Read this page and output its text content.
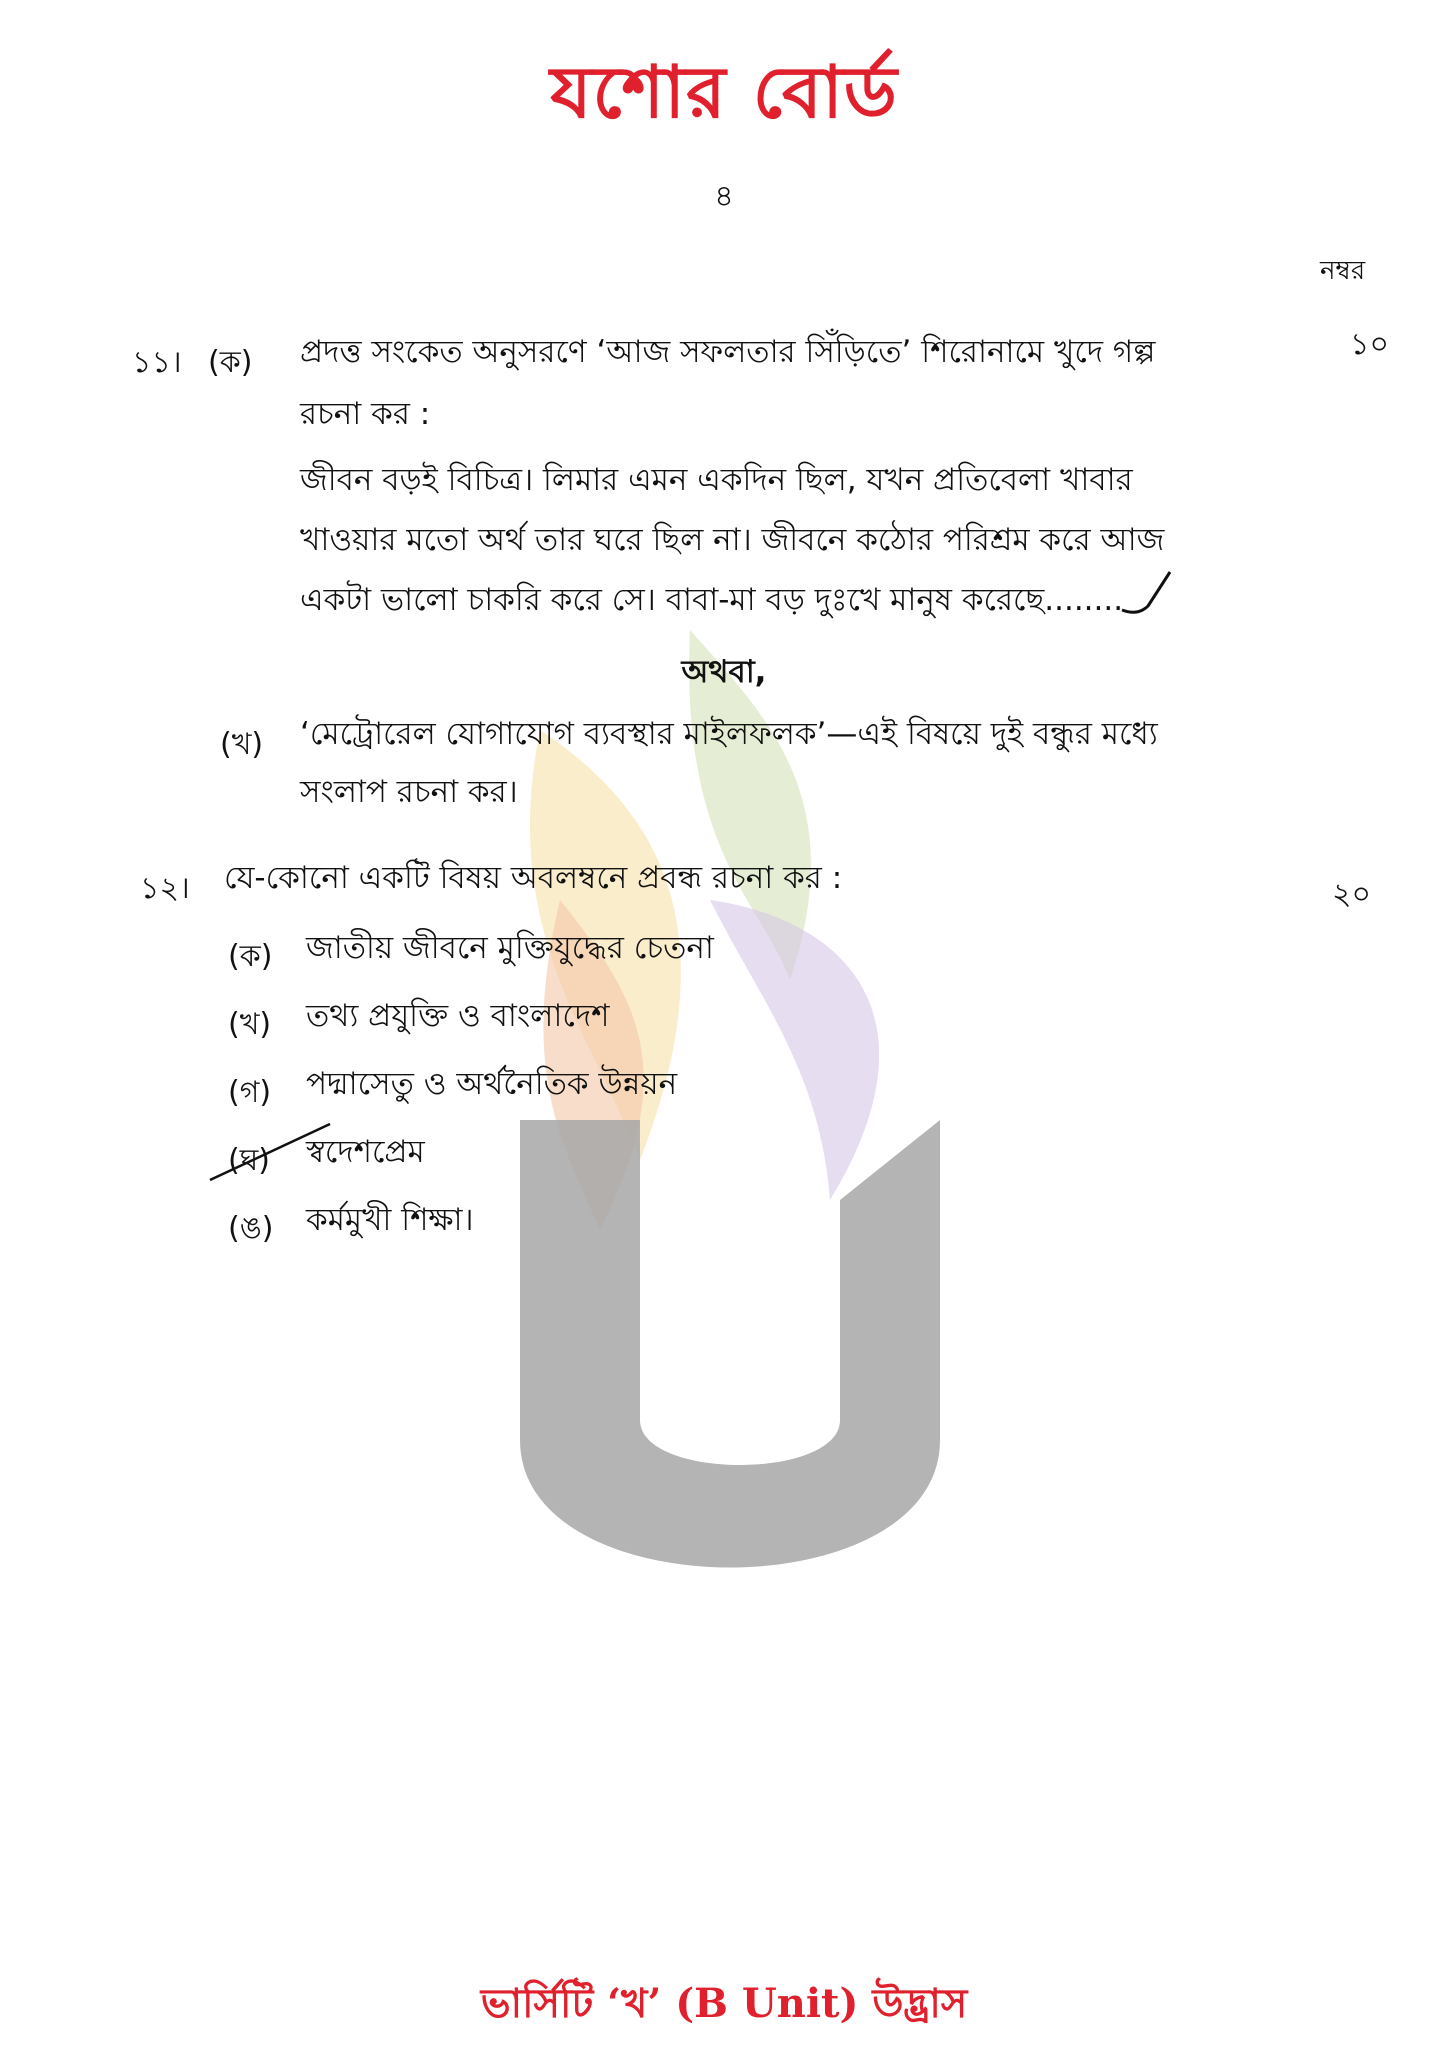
যশোর বোর্ড
৪
নম্বর
১১। (ক)
১০
প্রদত্ত সংকেত অনুসরণে ‘আজ সফলতার সিঁড়িতে’ শিরোনামে খুদে গল্প
রচনা কর :
জীবন বড়ই বিচিত্র। লিমার এমন একদিন ছিল, যখন প্রতিবেলা খাবার
খাওয়ার মতো অর্থ তার ঘরে ছিল না। জীবনে কঠোর পরিশ্রম করে আজ
একটা ভালো চাকরি করে সে। বাবা-মা বড় দুঃখে মানুষ করেছে........
অথবা,
(খ) ‘মেট্রোরেল যোগাযোগ ব্যবস্থার মাইলফলক’—এই বিষয়ে দুই বন্ধুর মধ্যে
সংলাপ রচনা কর।
১২। যে-কোনো একটি বিষয় অবলম্বনে প্রবন্ধ রচনা কর :	২০
(ক) জাতীয় জীবনে মুক্তিযুদ্ধের চেতনা
(খ) তথ্য প্রযুক্তি ও বাংলাদেশ
(গ) পদ্মাসেতু ও অর্থনৈতিক উন্নয়ন
(ঘ) স্বদেশপ্রেম
(ঙ) কর্মমুখী শিক্ষা।
ভার্সিটি ‘খ’ (B Unit) উদ্ভ্রাস
